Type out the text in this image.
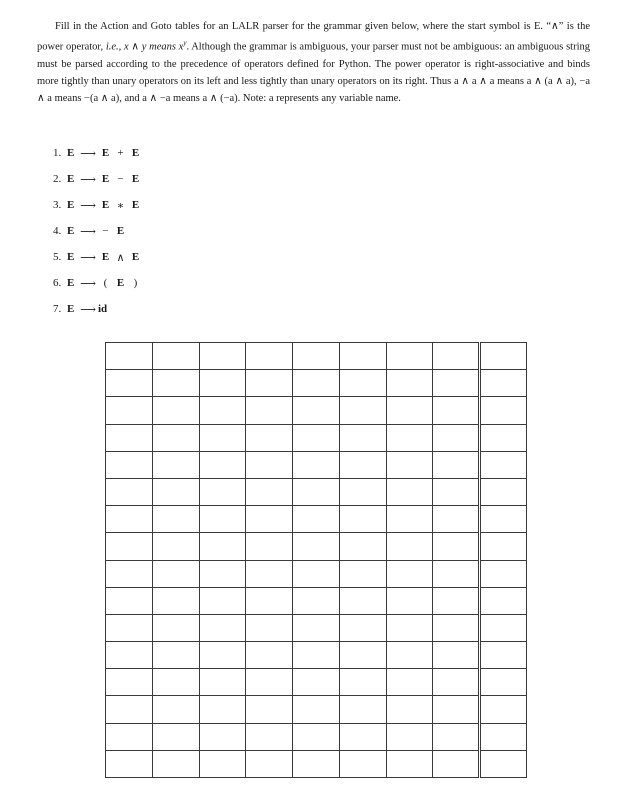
Fill in the Action and Goto tables for an LALR parser for the grammar given below, where the start symbol is E. “∧” is the power operator, i.e., x ∧ y means $x^y$. Although the grammar is ambiguous, your parser must not be ambiguous: an ambiguous string must be parsed according to the precedence of operators defined for Python. The power operator is right-associative and binds more tightly than unary operators on its left and less tightly than unary operators on its right. Thus a ∧ a ∧ a means a ∧ (a ∧ a), −a ∧ a means −(a ∧ a), and a ∧ −a means a ∧ (−a). Note: a represents any variable name.

1. E ⟶ E + E
2. E ⟶ E − E
3. E ⟶ E ∗ E
4. E ⟶ − E
5. E ⟶ E ∧ E
6. E ⟶ ( E )
7. E ⟶ id
